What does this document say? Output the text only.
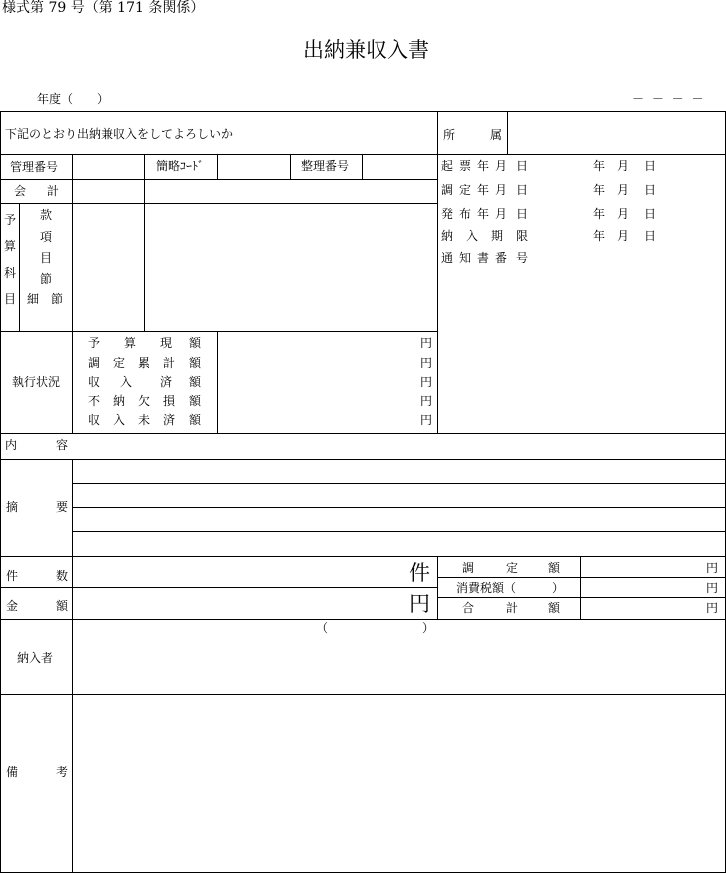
様式第 79 号（第 171 条関係）
出納兼収入書
年度（ ）	－ － － －
下記のとおり出納兼収入をしてよろしいか	所	属
管理番号	簡略ｺｰﾄﾞ	整理番号
会 計
予
算
科
目
款
項
目
節
細　節
起 票 年 月 日	年 月 日
調 定 年 月 日	年 月 日
発 布 年 月 日	年 月 日
納 入 期 限	年 月 日
通 知 書 番 号
執行状況
予 算 現 額	円
調 定 累 計 額	円
収 入 済 額	円
不 納 欠 損 額	円
収 入 未 済 額	円
内	容
摘	要
件	数	件
金	額	円
調	定 額	円
消費税額（	）	円
合	計 額	円
（	）
納入者
備	考
